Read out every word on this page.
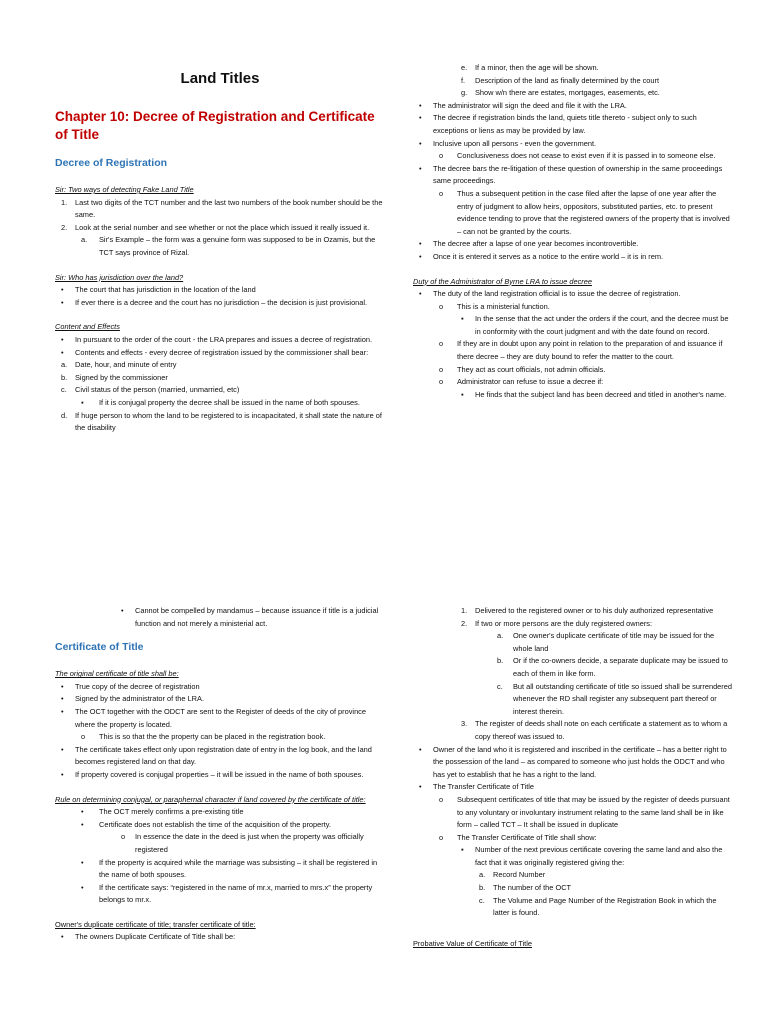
Land Titles
Chapter 10: Decree of Registration and Certificate of Title
Decree of Registration
Sir: Two ways of detecting Fake Land Title
1. Last two digits of the TCT number and the last two numbers of the book number should be the same.
2. Look at the serial number and see whether or not the place which issued it really issued it.
a. Sir's Example – the form was a genuine form was supposed to be in Ozamis, but the TCT says province of Rizal.
Sir: Who has jurisdiction over the land?
• The court that has jurisdiction in the location of the land
• If ever there is a decree and the court has no jurisdiction – the decision is just provisional.
Content and Effects
• In pursuant to the order of the court - the LRA prepares and issues a decree of registration.
• Contents and effects - every decree of registration issued by the commissioner shall bear:
a. Date, hour, and minute of entry
b. Signed by the commissioner
c. Civil status of the person (married, unmarried, etc)
▪ If it is conjugal property the decree shall be issued in the name of both spouses.
d. If huge person to whom the land to be registered to is incapacitated, it shall state the nature of the disability
e. If a minor, then the age will be shown.
f. Description of the land as finally determined by the court
g. Show w/n there are estates, mortgages, easements, etc.
• The administrator will sign the deed and file it with the LRA.
• The decree if registration binds the land, quiets title thereto - subject only to such exceptions or liens as may be provided by law.
• Inclusive upon all persons - even the government.
o Conclusiveness does not cease to exist even if it is passed in to someone else.
• The decree bars the re-litigation of these question of ownership in the same proceedings same proceedings.
o Thus a subsequent petition in the case filed after the lapse of one year after the entry of judgment to allow heirs, oppositors, substituted parties, etc. to present evidence tending to prove that the registered owners of the property that is involved – can not be granted by the courts.
• The decree after a lapse of one year becomes incontrovertible.
• Once it is entered it serves as a notice to the entire world – it is in rem.
Duty of the Administrator of Byrne LRA to issue decree
• The duty of the land registration official is to issue the decree of registration.
o This is a ministerial function.
▪ In the sense that the act under the orders if the court, and the decree must be in conformity with the court judgment and with the date found on record.
o If they are in doubt upon any point in relation to the preparation of and issuance if there decree – they are duty bound to refer the matter to the court.
o They act as court officials, not admin officials.
o Administrator can refuse to issue a decree if:
▪ He finds that the subject land has been decreed and titled in another's name.
• Cannot be compelled by mandamus – because issuance if title is a judicial function and not merely a ministerial act.
Certificate of Title
The original certificate of title shall be:
• True copy of the decree of registration
• Signed by the administrator of the LRA.
• The OCT together with the ODCT are sent to the Register of deeds of the city of province where the property is located.
o This is so that the the property can be placed in the registration book.
• The certificate takes effect only upon registration date of entry in the log book, and the land becomes registered land on that day.
• If property covered is conjugal properties – it will be issued in the name of both spouses.
Rule on determining conjugal, or paraphernal character if land covered by the certificate of title:
• The OCT merely confirms a pre-existing title
• Certificate does not establish the time of the acquisition of the property.
o In essence the date in the deed is just when the property was officially registered
• If the property is acquired while the marriage was subsisting – it shall be registered in the name of both spouses.
• If the certificate says: “registered in the name of mr.x, married to mrs.x” the property belongs to mr.x.
Owner's duplicate certificate of title; transfer certificate of title:
• The owners Duplicate Certificate of Title shall be:
1. Delivered to the registered owner or to his duly authorized representative
2. If two or more persons are the duly registered owners:
a. One owner's duplicate certificate of title may be issued for the whole land
b. Or if the co-owners decide, a separate duplicate may be issued to each of them in like form.
c. But all outstanding certificate of title so issued shall be surrendered whenever the RD shall register any subsequent part thereof or interest therein.
3. The register of deeds shall note on each certificate a statement as to whom a copy thereof was issued to.
• Owner of the land who it is registered and inscribed in the certificate – has a better right to the possession of the land – as compared to someone who just holds the ODCT and who has yet to establish that he has a right to the land.
• The Transfer Certificate of Title
o Subsequent certificates of title that may be issued by the register of deeds pursuant to any voluntary or involuntary instrument relating to the same land shall be in like form – called TCT – It shall be issued in duplicate
o The Transfer Certificate of Title shall show:
▪ Number of the next previous certificate covering the same land and also the fact that it was originally registered giving the:
a. Record Number
b. The number of the OCT
c. The Volume and Page Number of the Registration Book in which the latter is found.
Probative Value of Certificate of Title
